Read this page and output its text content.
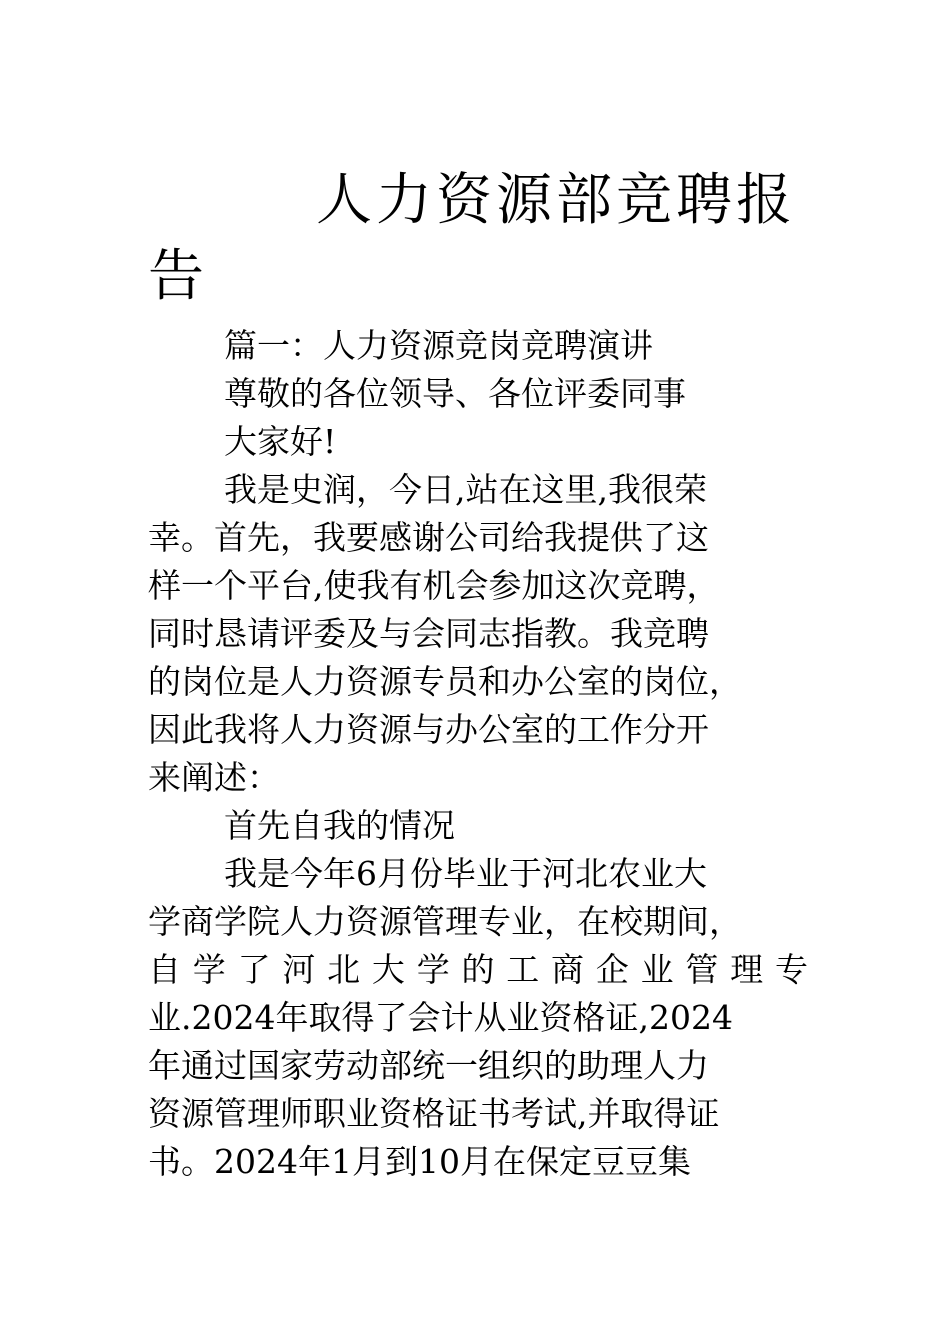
人力资源部竞聘报
告
篇一：人力资源竞岗竞聘演讲
尊敬的各位领导、各位评委同事
大家好!
我是史润，今日,站在这里,我很荣
幸。首先，我要感谢公司给我提供了这
样一个平台,使我有机会参加这次竞聘，
同时恳请评委及与会同志指教。我竞聘
的岗位是人力资源专员和办公室的岗位，
因此我将人力资源与办公室的工作分开
来阐述：
首先自我的情况
我是今年6月份毕业于河北农业大
学商学院人力资源管理专业，在校期间，
自 学 了 河 北 大 学 的 工 商 企 业 管 理 专
业.2024年取得了会计从业资格证,2024
年通过国家劳动部统一组织的助理人力
资源管理师职业资格证书考试,并取得证
书。2024年1月到10月在保定豆豆集
